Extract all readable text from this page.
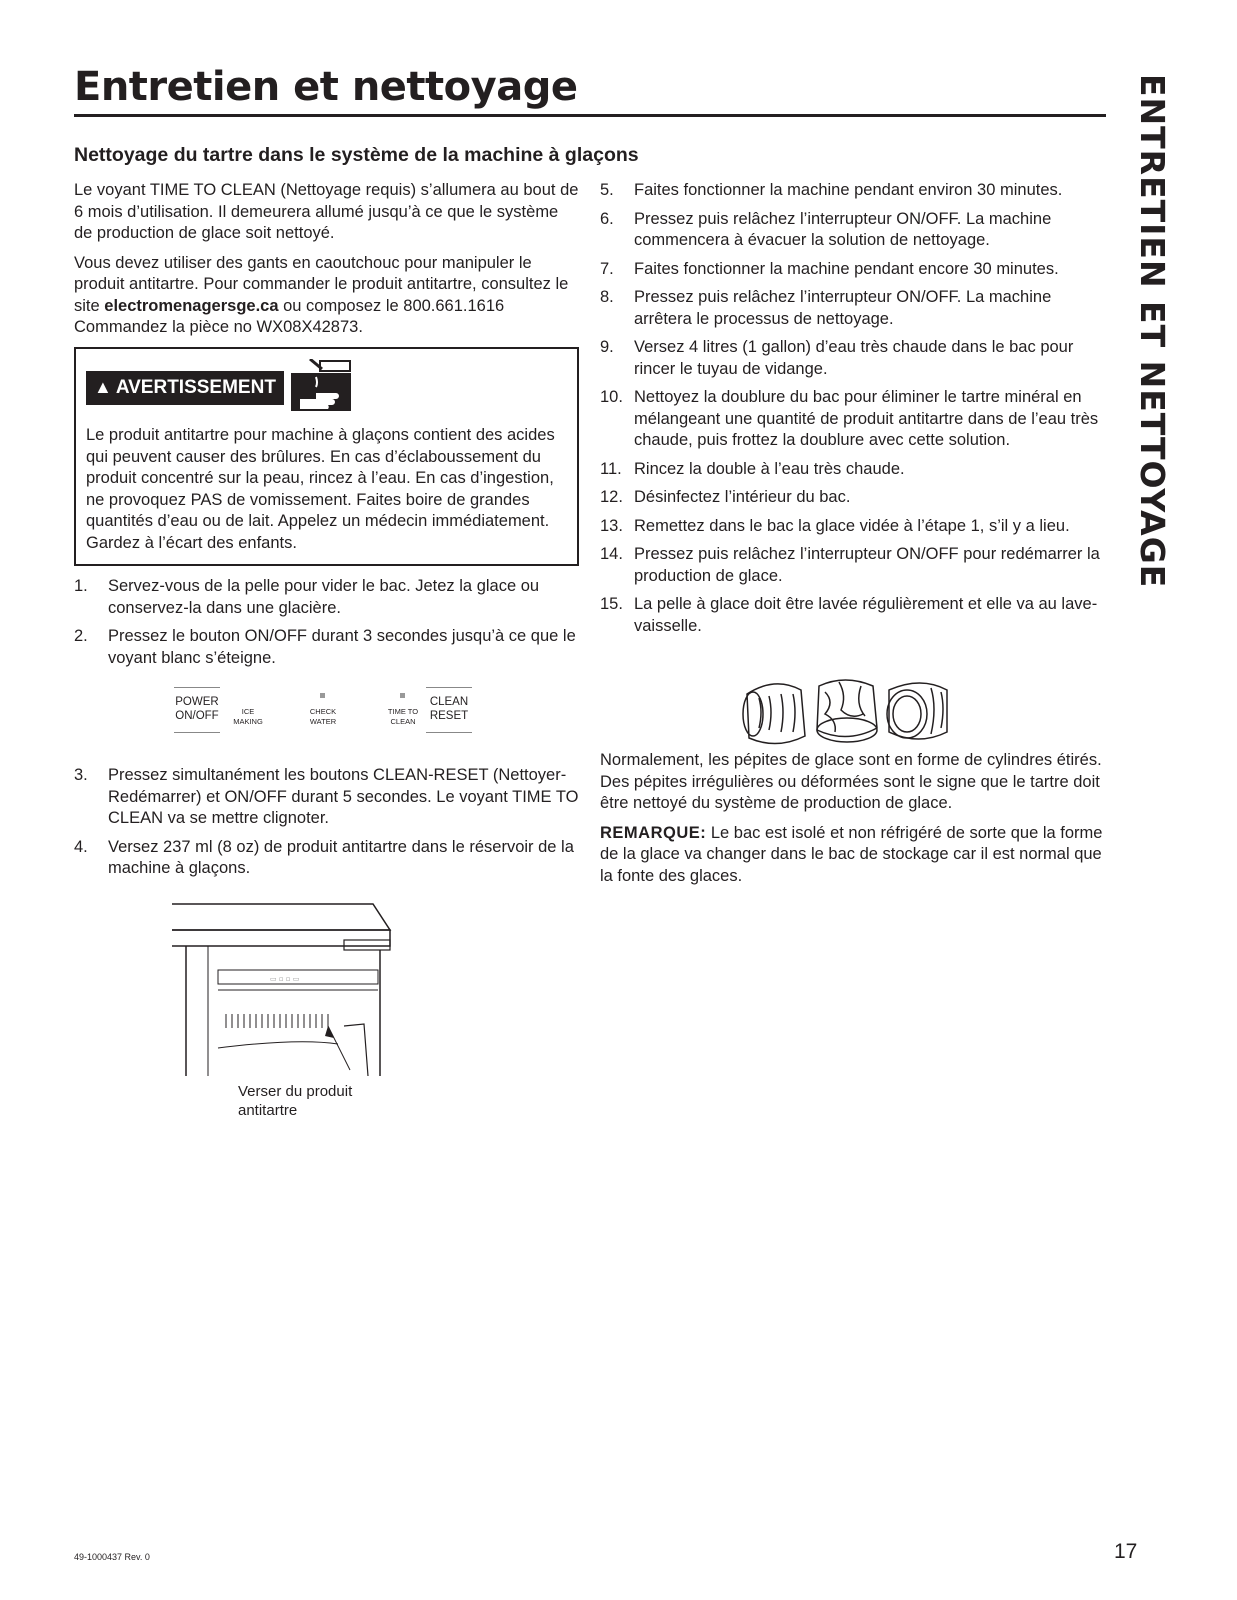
Entretien et nettoyage	ENTRETIEN ET NETTOYAGE
Nettoyage du tartre dans le système de la machine à glaçons

Le voyant TIME TO CLEAN (Nettoyage requis) s’allumera au bout de 6 mois d’utilisation. Il demeurera allumé jusqu’à ce que le système de production de glace soit nettoyé.

Vous devez utiliser des gants en caoutchouc pour manipuler le produit antitartre. Pour commander le produit antitartre, consultez le site electromenagersge.ca ou composez le 800.661.1616 Commandez la pièce no WX08X42873.

▲ AVERTISSEMENT

Le produit antitartre pour machine à glaçons contient des acides qui peuvent causer des brûlures. En cas d’éclaboussement du produit concentré sur la peau, rincez à l’eau. En cas d’ingestion, ne provoquez PAS de vomissement. Faites boire de grandes quantités d’eau ou de lait. Appelez un médecin immédiatement. Gardez à l’écart des enfants.

1.	Servez-vous de la pelle pour vider le bac. Jetez la glace ou conservez-la dans une glacière.
2.	Pressez le bouton ON/OFF durant 3 secondes jusqu’à ce que le voyant blanc s’éteigne.
POWER
ON/OFF	ICE
MAKING
CHECK
WATER
TIME TO
CLEAN
CLEAN
RESET
3.	Pressez simultanément les boutons CLEAN-RESET (Nettoyer-Redémarrer) et ON/OFF durant 5 secondes. Le voyant TIME TO CLEAN va se mettre clignoter.
4.	Versez 237 ml (8 oz) de produit antitartre dans le réservoir de la machine à glaçons.
▭ ▫ ▫ ▭
Verser du produit
antitartre
5.	Faites fonctionner la machine pendant environ 30 minutes.
6.	Pressez puis relâchez l’interrupteur ON/OFF. La machine commencera à évacuer la solution de nettoyage.
7.	Faites fonctionner la machine pendant encore 30 minutes.
8.	Pressez puis relâchez l’interrupteur ON/OFF. La machine arrêtera le processus de nettoyage.
9.	Versez 4 litres (1 gallon) d’eau très chaude dans le bac pour rincer le tuyau de vidange.
10. Nettoyez la doublure du bac pour éliminer le tartre minéral en mélangeant une quantité de produit antitartre dans de l’eau très chaude, puis frottez la doublure avec cette solution.
11. Rincez la double à l’eau très chaude.
12. Désinfectez l’intérieur du bac.
13. Remettez dans le bac la glace vidée à l’étape 1, s’il y a lieu.
14. Pressez puis relâchez l’interrupteur ON/OFF pour redémarrer la production de glace.
15. La pelle à glace doit être lavée régulièrement et elle va au lave-vaisselle.

Normalement, les pépites de glace sont en forme de cylindres étirés. Des pépites irrégulières ou déformées sont le signe que le tartre doit être nettoyé du système de production de glace.

REMARQUE: Le bac est isolé et non réfrigéré de sorte que la forme de la glace va changer dans le bac de stockage car il est normal que la fonte des glaces.

49-1000437 Rev. 0	17
